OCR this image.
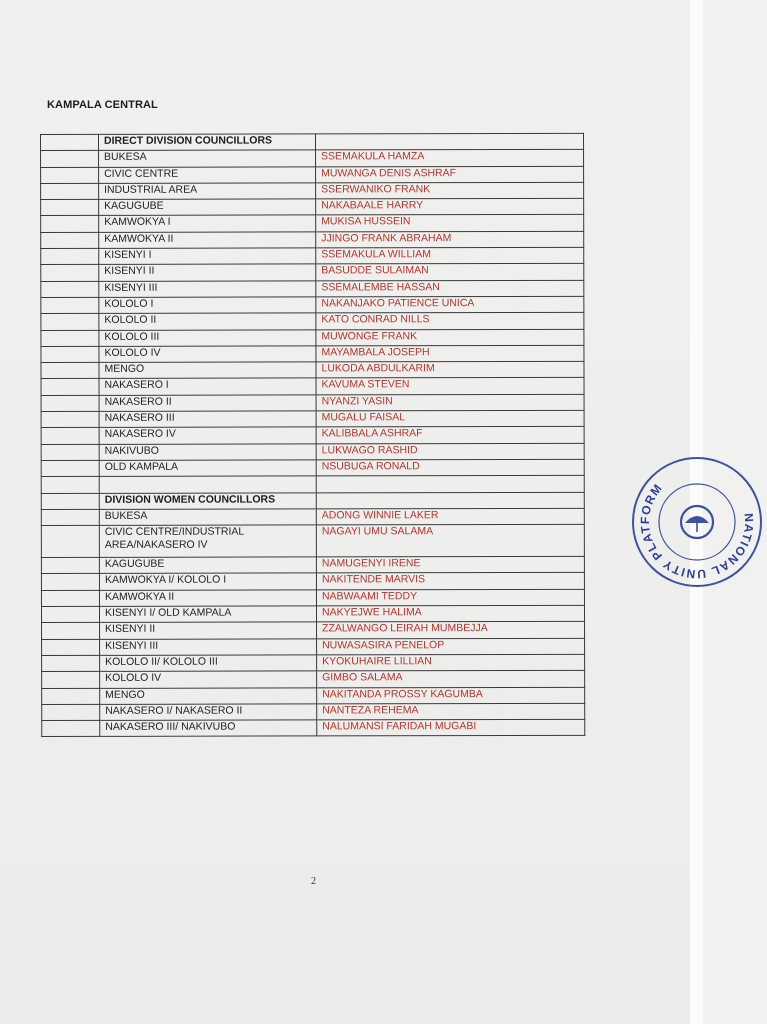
KAMPALA CENTRAL
	DIRECT DIVISION COUNCILLORS	
	BUKESA	SSEMAKULA HAMZA
	CIVIC CENTRE	MUWANGA DENIS ASHRAF
	INDUSTRIAL AREA	SSERWANIKO FRANK
	KAGUGUBE	NAKABAALE HARRY
	KAMWOKYA I	MUKISA HUSSEIN
	KAMWOKYA II	JJINGO FRANK ABRAHAM
	KISENYI I	SSEMAKULA WILLIAM
	KISENYI II	BASUDDE SULAIMAN
	KISENYI III	SSEMALEMBE HASSAN
	KOLOLO I	NAKANJAKO PATIENCE UNICA
	KOLOLO II	KATO CONRAD NILLS
	KOLOLO III	MUWONGE FRANK
	KOLOLO IV	MAYAMBALA JOSEPH
	MENGO	LUKODA ABDULKARIM
	NAKASERO I	KAVUMA STEVEN
	NAKASERO II	NYANZI YASIN
	NAKASERO III	MUGALU FAISAL
	NAKASERO IV	KALIBBALA ASHRAF
	NAKIVUBO	LUKWAGO RASHID
	OLD KAMPALA	NSUBUGA RONALD

	DIVISION WOMEN COUNCILLORS	
	BUKESA	ADONG WINNIE LAKER
	CIVIC CENTRE/INDUSTRIAL AREA/NAKASERO IV	NAGAYI UMU SALAMA
	KAGUGUBE	NAMUGENYI IRENE
	KAMWOKYA I/ KOLOLO I	NAKITENDE MARVIS
	KAMWOKYA II	NABWAAMI TEDDY
	KISENYI I/ OLD KAMPALA	NAKYEJWE HALIMA
	KISENYI II	ZZALWANGO LEIRAH MUMBEJJA
	KISENYI III	NUWASASIRA PENELOP
	KOLOLO II/ KOLOLO III	KYOKUHAIRE LILLIAN
	KOLOLO IV	GIMBO SALAMA
	MENGO	NAKITANDA PROSSY KAGUMBA
	NAKASERO I/ NAKASERO II	NANTEZA REHEMA
	NAKASERO III/ NAKIVUBO	NALUMANSI FARIDAH MUGABI
2
NATIONAL UNITY PLATFORM
